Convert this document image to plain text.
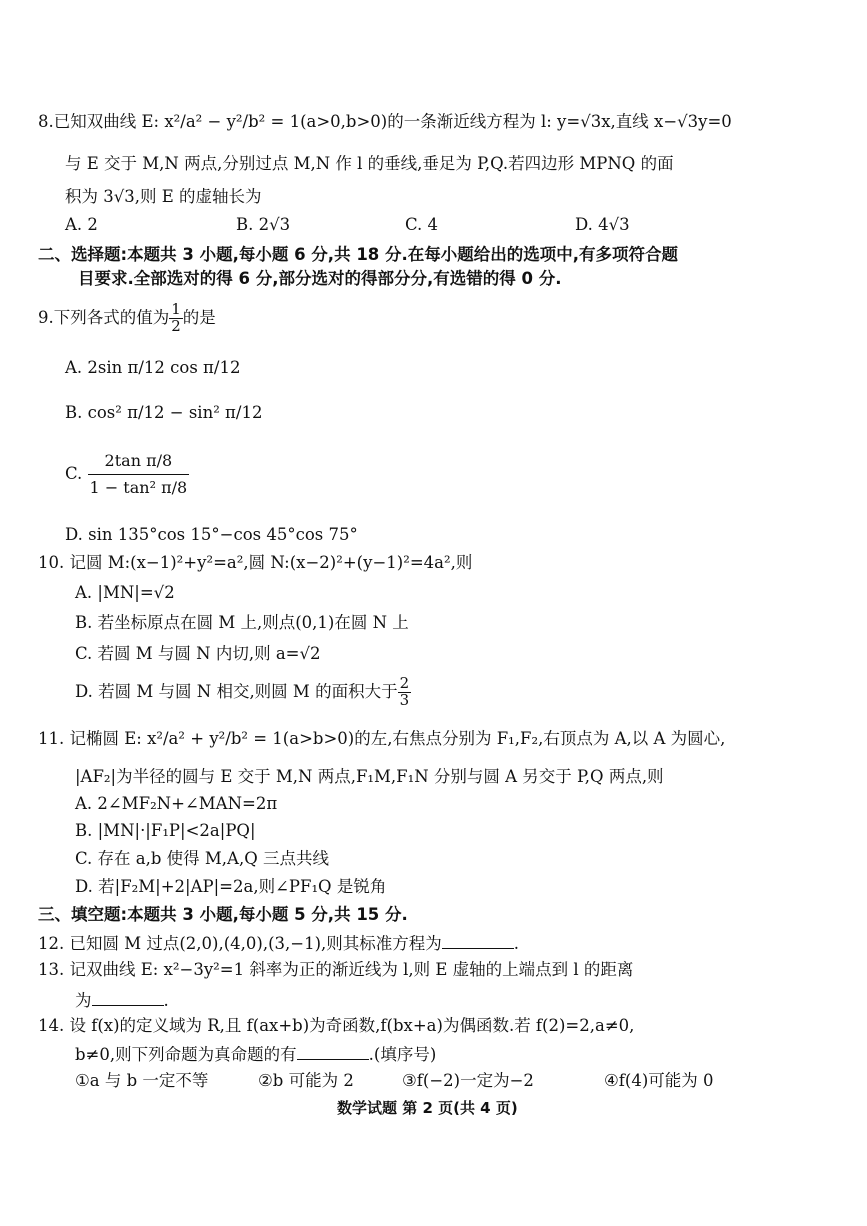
8.已知双曲线 E: x²/a² − y²/b² = 1(a>0,b>0)的一条渐近线方程为 l: y=√3x,直线 x−√3y=0
与 E 交于 M,N 两点,分别过点 M,N 作 l 的垂线,垂足为 P,Q.若四边形 MPNQ 的面
积为 3√3,则 E 的虚轴长为
A. 2	B. 2√3	C. 4	D. 4√3
二、选择题:本题共 3 小题,每小题 6 分,共 18 分.在每小题给出的选项中,有多项符合题
目要求.全部选对的得 6 分,部分选对的得部分分,有选错的得 0 分.
9.下列各式的值为 $\frac{1}{2}$ 的是
A. 2sin π/12 cos π/12
B. cos² π/12 − sin² π/12
C. $\frac{\text{2tan π/8}}{\text{1 − tan² π/8}}$
D. sin 135°cos 15°−cos 45°cos 75°
10. 记圆 M:(x−1)²+y²=a²,圆 N:(x−2)²+(y−1)²=4a²,则
A. |MN|=√2
B. 若坐标原点在圆 M 上,则点(0,1)在圆 N 上
C. 若圆 M 与圆 N 内切,则 a=√2
D. 若圆 M 与圆 N 相交,则圆 M 的面积大于 $\frac{2}{3}$
11. 记椭圆 E: x²/a² + y²/b² = 1(a>b>0)的左,右焦点分别为 F₁,F₂,右顶点为 A,以 A 为圆心,
|AF₂|为半径的圆与 E 交于 M,N 两点,F₁M,F₁N 分别与圆 A 另交于 P,Q 两点,则
A. 2∠MF₂N+∠MAN=2π
B. |MN|·|F₁P|<2a|PQ|
C. 存在 a,b 使得 M,A,Q 三点共线
D. 若|F₂M|+2|AP|=2a,则∠PF₁Q 是锐角
三、填空题:本题共 3 小题,每小题 5 分,共 15 分.
12. 已知圆 M 过点(2,0),(4,0),(3,−1),则其标准方程为	.
13. 记双曲线 E: x²−3y²=1 斜率为正的渐近线为 l,则 E 虚轴的上端点到 l 的距离
为	.
14. 设 f(x)的定义域为 R,且 f(ax+b)为奇函数,f(bx+a)为偶函数.若 f(2)=2,a≠0,
b≠0,则下列命题为真命题的有	.(填序号)
①a 与 b 一定不等	②b 可能为 2	③f(−2)一定为−2	④f(4)可能为 0
数学试题 第 2 页(共 4 页)
